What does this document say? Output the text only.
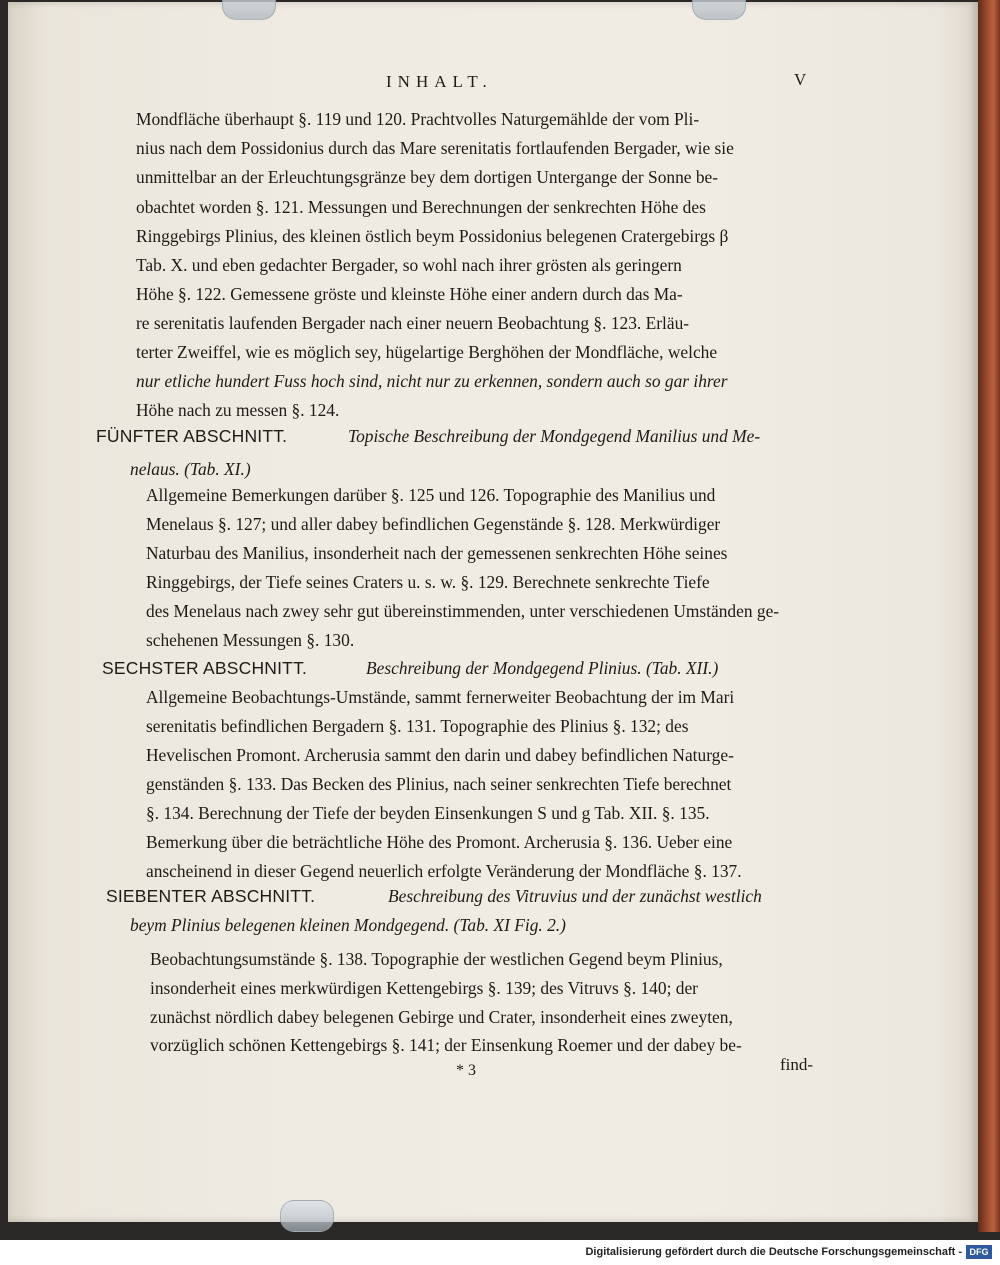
INHALT.	V
Mondfläche überhaupt §. 119 und 120. Prachtvolles Naturgemählde der vom Pli-
nius nach dem Possidonius durch das Mare serenitatis fortlaufenden Bergader, wie sie
unmittelbar an der Erleuchtungsgränze bey dem dortigen Untergange der Sonne be-
obachtet worden §. 121. Messungen und Berechnungen der senkrechten Höhe des
Ringgebirgs Plinius, des kleinen östlich beym Possidonius belegenen Cratergebirgs β
Tab. X. und eben gedachter Bergader, so wohl nach ihrer grösten als geringern
Höhe §. 122. Gemessene gröste und kleinste Höhe einer andern durch das Ma-
re serenitatis laufenden Bergader nach einer neuern Beobachtung §. 123. Erläu-
terter Zweiffel, wie es möglich sey, hügelartige Berghöhen der Mondfläche, welche
nur etliche hundert Fuss hoch sind, nicht nur zu erkennen, sondern auch so gar ihrer
Höhe nach zu messen §. 124.
FÜNFTER ABSCHNITT.	Topische Beschreibung der Mondgegend Manilius und Me-
nelaus. (Tab. XI.)
Allgemeine Bemerkungen darüber §. 125 und 126. Topographie des Manilius und
Menelaus §. 127; und aller dabey befindlichen Gegenstände §. 128. Merkwürdiger
Naturbau des Manilius, insonderheit nach der gemessenen senkrechten Höhe seines
Ringgebirgs, der Tiefe seines Craters u. s. w. §. 129. Berechnete senkrechte Tiefe
des Menelaus nach zwey sehr gut übereinstimmenden, unter verschiedenen Umständen ge-
schehenen Messungen §. 130.
SECHSTER ABSCHNITT.	Beschreibung der Mondgegend Plinius. (Tab. XII.)
Allgemeine Beobachtungs-Umstände, sammt fernerweiter Beobachtung der im Mari
serenitatis befindlichen Bergadern §. 131. Topographie des Plinius §. 132; des
Hevelischen Promont. Archerusia sammt den darin und dabey befindlichen Naturge-
genständen §. 133. Das Becken des Plinius, nach seiner senkrechten Tiefe berechnet
§. 134. Berechnung der Tiefe der beyden Einsenkungen S und g Tab. XII. §. 135.
Bemerkung über die beträchtliche Höhe des Promont. Archerusia §. 136. Ueber eine
anscheinend in dieser Gegend neuerlich erfolgte Veränderung der Mondfläche §. 137.
SIEBENTER ABSCHNITT.	Beschreibung des Vitruvius und der zunächst westlich
beym Plinius belegenen kleinen Mondgegend. (Tab. XI Fig. 2.)
Beobachtungsumstände §. 138. Topographie der westlichen Gegend beym Plinius,
insonderheit eines merkwürdigen Kettengebirgs §. 139; des Vitruvs §. 140; der
zunächst nördlich dabey belegenen Gebirge und Crater, insonderheit eines zweyten,
vorzüglich schönen Kettengebirgs §. 141; der Einsenkung Roemer und der dabey be-
* 3	find-
Digitalisierung gefördert durch die Deutsche Forschungsgemeinschaft - DFG
